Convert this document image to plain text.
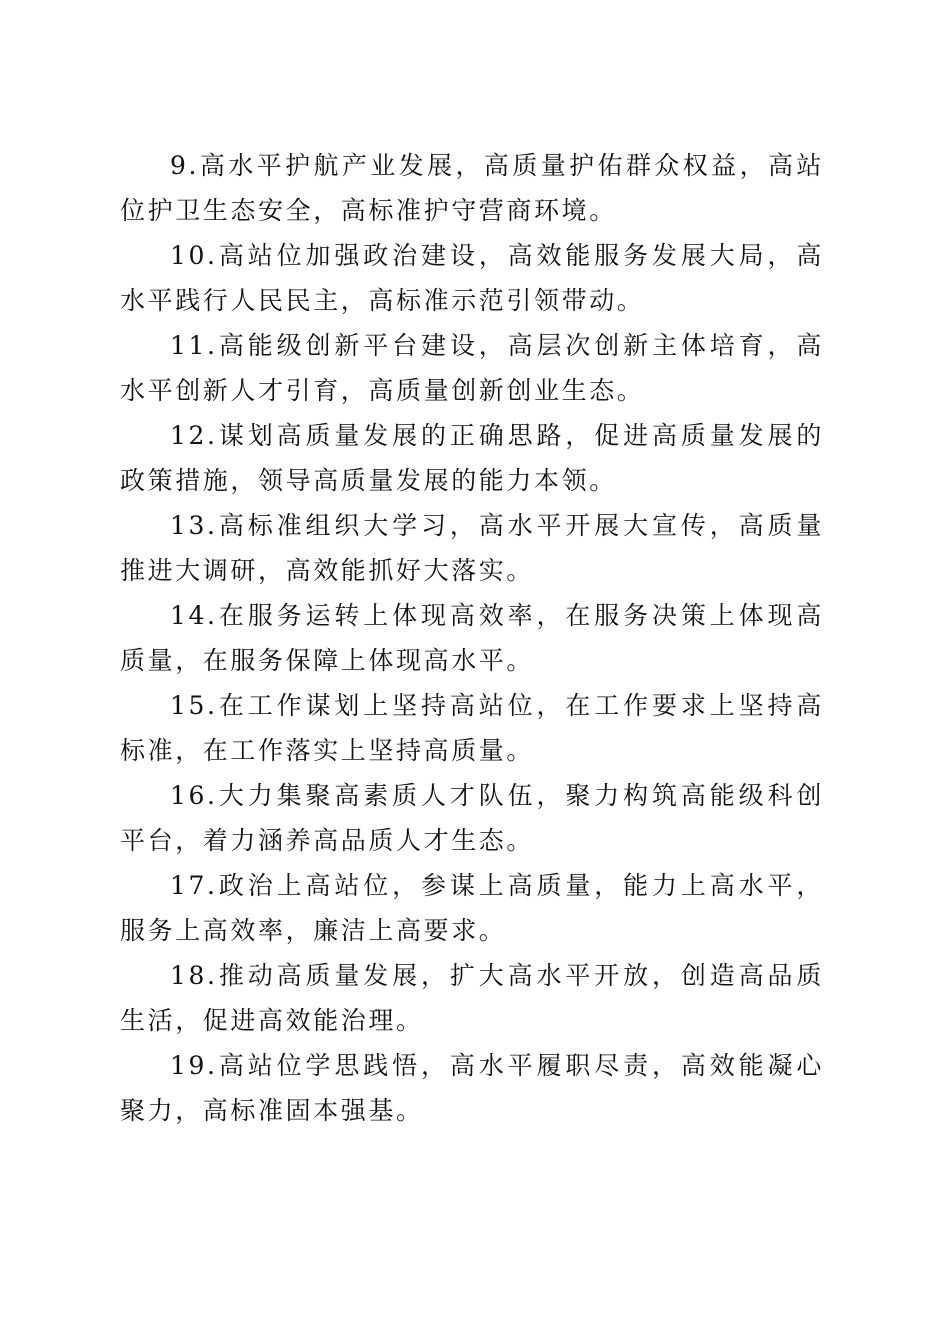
9.高水平护航产业发展，高质量护佑群众权益，高站位护卫生态安全，高标准护守营商环境。

10.高站位加强政治建设，高效能服务发展大局，高水平践行人民民主，高标准示范引领带动。

11.高能级创新平台建设，高层次创新主体培育，高水平创新人才引育，高质量创新创业生态。

12.谋划高质量发展的正确思路，促进高质量发展的政策措施，领导高质量发展的能力本领。

13.高标准组织大学习，高水平开展大宣传，高质量推进大调研，高效能抓好大落实。

14.在服务运转上体现高效率，在服务决策上体现高质量，在服务保障上体现高水平。

15.在工作谋划上坚持高站位，在工作要求上坚持高标准，在工作落实上坚持高质量。

16.大力集聚高素质人才队伍，聚力构筑高能级科创平台，着力涵养高品质人才生态。

17.政治上高站位，参谋上高质量，能力上高水平，服务上高效率，廉洁上高要求。

18.推动高质量发展，扩大高水平开放，创造高品质生活，促进高效能治理。

19.高站位学思践悟，高水平履职尽责，高效能凝心聚力，高标准固本强基。
